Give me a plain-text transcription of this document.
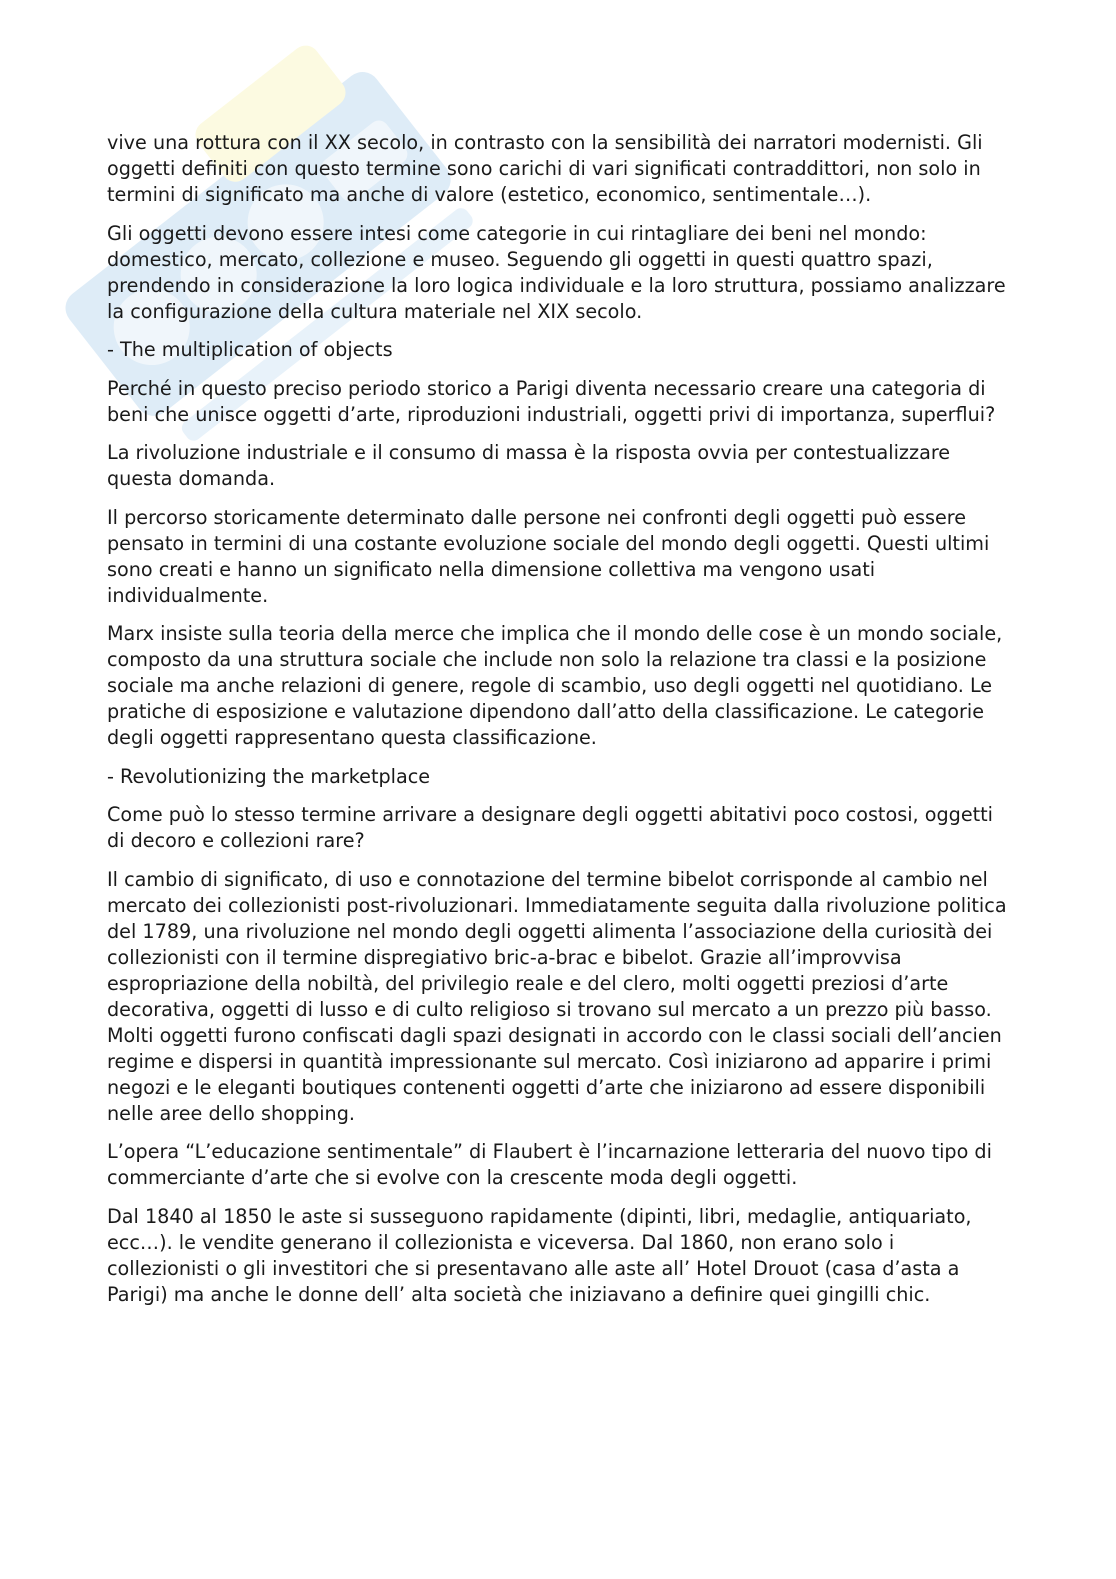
vive una rottura con il XX secolo, in contrasto con la sensibilità dei narratori modernisti. Gli oggetti definiti con questo termine sono carichi di vari significati contraddittori, non solo in termini di significato ma anche di valore (estetico, economico, sentimentale…).

Gli oggetti devono essere intesi come categorie in cui rintagliare dei beni nel mondo: domestico, mercato, collezione e museo. Seguendo gli oggetti in questi quattro spazi, prendendo in considerazione la loro logica individuale e la loro struttura, possiamo analizzare la configurazione della cultura materiale nel XIX secolo.

- The multiplication of objects

Perché in questo preciso periodo storico a Parigi diventa necessario creare una categoria di beni che unisce oggetti d’arte, riproduzioni industriali, oggetti privi di importanza, superflui?

La rivoluzione industriale e il consumo di massa è la risposta ovvia per contestualizzare questa domanda.

Il percorso storicamente determinato dalle persone nei confronti degli oggetti può essere pensato in termini di una costante evoluzione sociale del mondo degli oggetti. Questi ultimi sono creati e hanno un significato nella dimensione collettiva ma vengono usati individualmente.

Marx insiste sulla teoria della merce che implica che il mondo delle cose è un mondo sociale, composto da una struttura sociale che include non solo la relazione tra classi e la posizione sociale ma anche relazioni di genere, regole di scambio, uso degli oggetti nel quotidiano. Le pratiche di esposizione e valutazione dipendono dall’atto della classificazione. Le categorie degli oggetti rappresentano questa classificazione.

- Revolutionizing the marketplace

Come può lo stesso termine arrivare a designare degli oggetti abitativi poco costosi, oggetti di decoro e collezioni rare?

Il cambio di significato, di uso e connotazione del termine bibelot corrisponde al cambio nel mercato dei collezionisti post-rivoluzionari. Immediatamente seguita dalla rivoluzione politica del 1789, una rivoluzione nel mondo degli oggetti alimenta l’associazione della curiosità dei collezionisti con il termine dispregiativo bric-a-brac e bibelot. Grazie all’improvvisa espropriazione della nobiltà, del privilegio reale e del clero, molti oggetti preziosi d’arte decorativa, oggetti di lusso e di culto religioso si trovano sul mercato a un prezzo più basso. Molti oggetti furono confiscati dagli spazi designati in accordo con le classi sociali dell’ancien regime e dispersi in quantità impressionante sul mercato. Così iniziarono ad apparire i primi negozi e le eleganti boutiques contenenti oggetti d’arte che iniziarono ad essere disponibili nelle aree dello shopping.

L’opera “L’educazione sentimentale” di Flaubert è l’incarnazione letteraria del nuovo tipo di commerciante d’arte che si evolve con la crescente moda degli oggetti.

Dal 1840 al 1850 le aste si susseguono rapidamente (dipinti, libri, medaglie, antiquariato, ecc…). le vendite generano il collezionista e viceversa. Dal 1860, non erano solo i collezionisti o gli investitori che si presentavano alle aste all’ Hotel Drouot (casa d’asta a Parigi) ma anche le donne dell’ alta società che iniziavano a definire quei gingilli chic.
